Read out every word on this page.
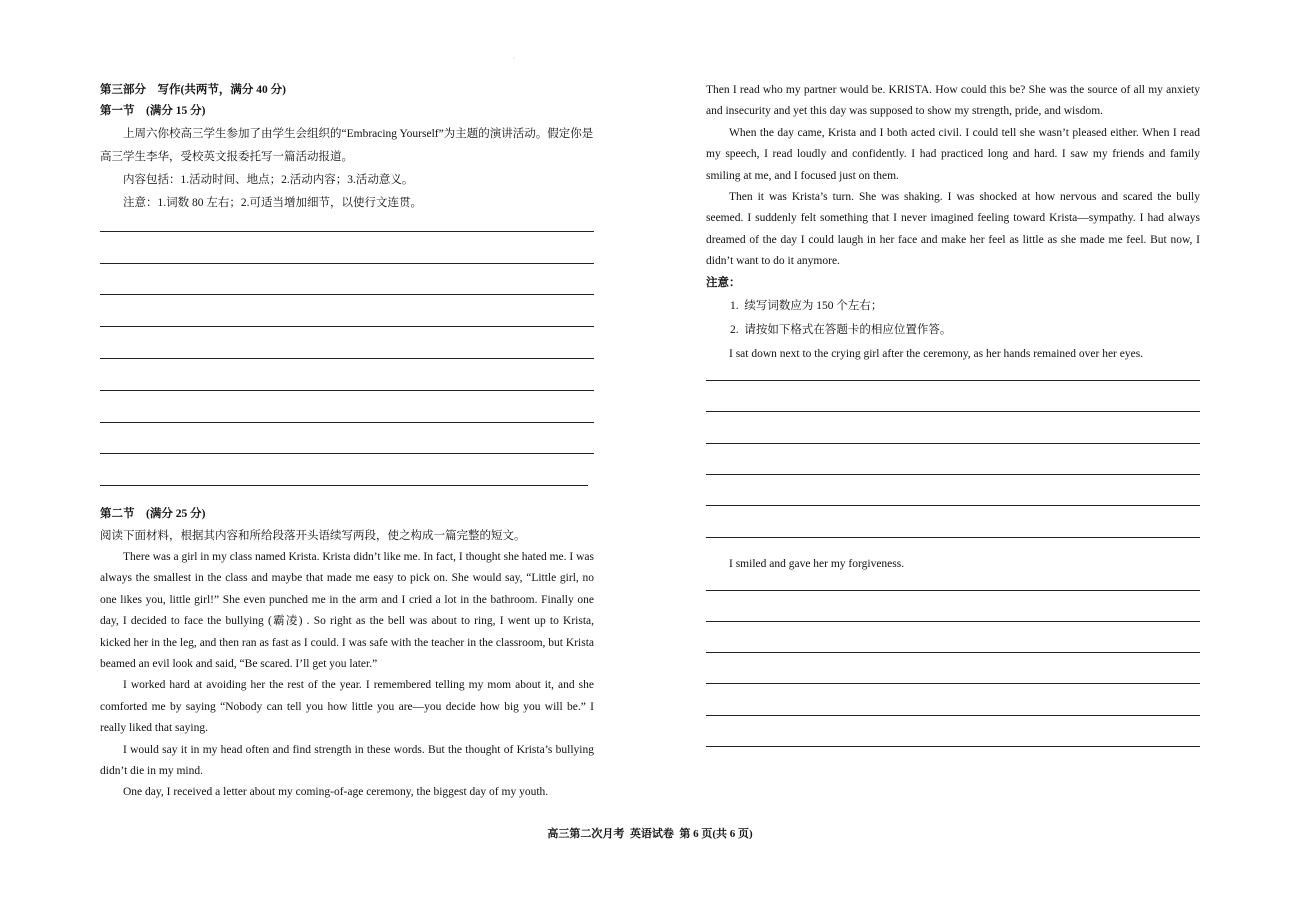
·

第三部分　写作(共两节，满分 40 分)

第一节　(满分 15 分)

上周六你校高三学生参加了由学生会组织的“Embracing Yourself”为主题的演讲活动。假定你是高三学生李华，受校英文报委托写一篇活动报道。

内容包括：1.活动时间、地点；2.活动内容；3.活动意义。

注意：1.词数 80 左右；2.可适当增加细节，以使行文连贯。

第二节　(满分 25 分)

阅读下面材料，根据其内容和所给段落开头语续写两段，使之构成一篇完整的短文。

There was a girl in my class named Krista. Krista didn’t like me. In fact, I thought she hated me. I was always the smallest in the class and maybe that made me easy to pick on. She would say, “Little girl, no one likes you, little girl!” She even punched me in the arm and I cried a lot in the bathroom. Finally one day, I decided to face the bullying (霸凌) . So right as the bell was about to ring, I went up to Krista, kicked her in the leg, and then ran as fast as I could. I was safe with the teacher in the classroom, but Krista beamed an evil look and said, “Be scared. I’ll get you later.”

I worked hard at avoiding her the rest of the year. I remembered telling my mom about it, and she comforted me by saying “Nobody can tell you how little you are—you decide how big you will be.” I really liked that saying.

I would say it in my head often and find strength in these words. But the thought of Krista’s bullying didn’t die in my mind.

One day, I received a letter about my coming-of-age ceremony, the biggest day of my youth.

Then I read who my partner would be. KRISTA. How could this be? She was the source of all my anxiety and insecurity and yet this day was supposed to show my strength, pride, and wisdom.

When the day came, Krista and I both acted civil. I could tell she wasn’t pleased either. When I read my speech, I read loudly and confidently. I had practiced long and hard. I saw my friends and family smiling at me, and I focused just on them.

Then it was Krista’s turn. She was shaking. I was shocked at how nervous and scared the bully seemed. I suddenly felt something that I never imagined feeling toward Krista—sympathy. I had always dreamed of the day I could laugh in her face and make her feel as little as she made me feel. But now, I didn’t want to do it anymore.

注意：

1.  续写词数应为 150 个左右；

2.  请按如下格式在答题卡的相应位置作答。

I sat down next to the crying girl after the ceremony, as her hands remained over her eyes.

I smiled and gave her my forgiveness.

高三第二次月考  英语试卷  第 6 页(共 6 页)
